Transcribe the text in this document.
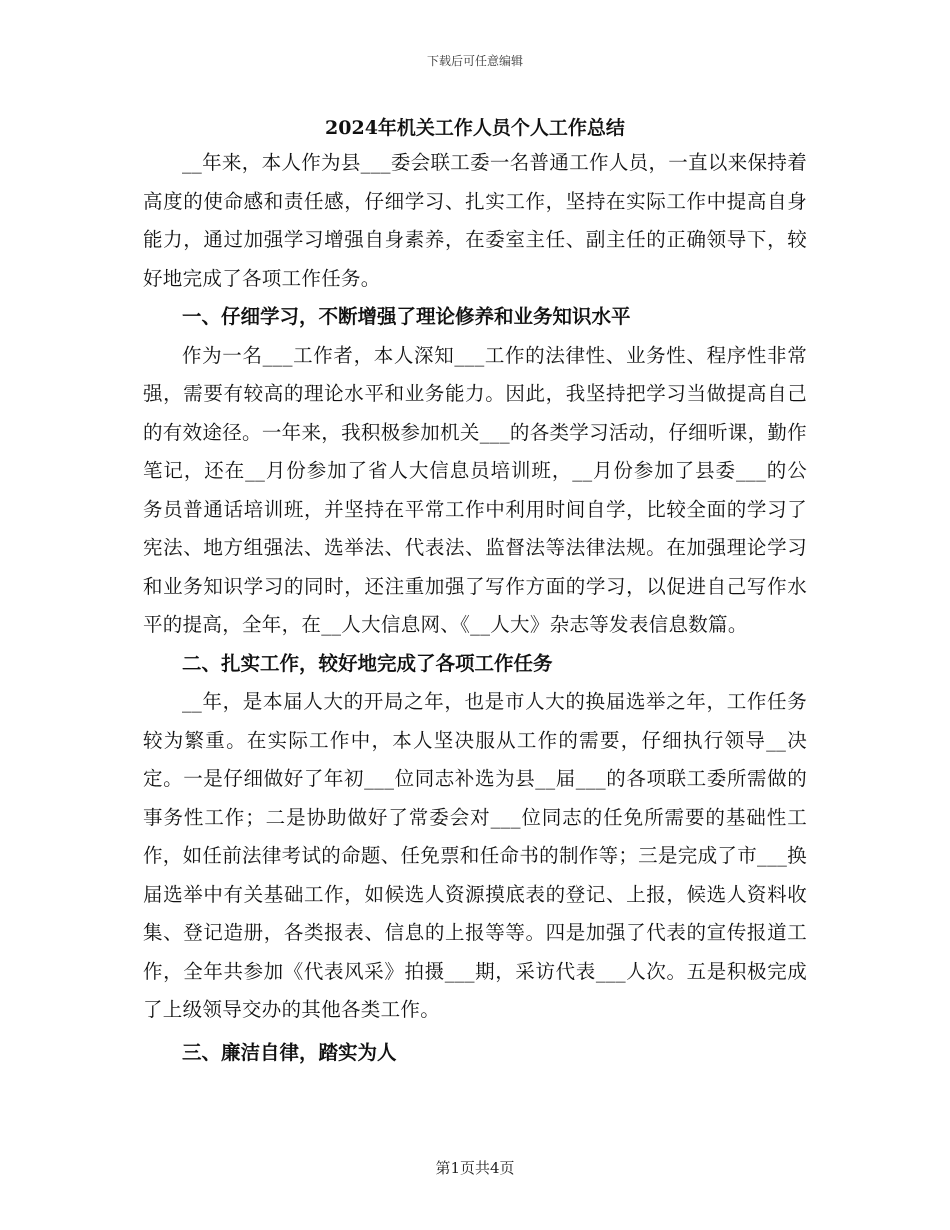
下载后可任意编辑
2024年机关工作人员个人工作总结

__年来，本人作为县___委会联工委一名普通工作人员，一直以来保持着高度的使命感和责任感，仔细学习、扎实工作，坚持在实际工作中提高自身能力，通过加强学习增强自身素养，在委室主任、副主任的正确领导下，较好地完成了各项工作任务。

一、仔细学习，不断增强了理论修养和业务知识水平

作为一名___工作者，本人深知___工作的法律性、业务性、程序性非常强，需要有较高的理论水平和业务能力。因此，我坚持把学习当做提高自己的有效途径。一年来，我积极参加机关___的各类学习活动，仔细听课，勤作笔记，还在__月份参加了省人大信息员培训班，__月份参加了县委___的公务员普通话培训班，并坚持在平常工作中利用时间自学，比较全面的学习了宪法、地方组强法、选举法、代表法、监督法等法律法规。在加强理论学习和业务知识学习的同时，还注重加强了写作方面的学习，以促进自己写作水平的提高，全年，在__人大信息网、《__人大》杂志等发表信息数篇。

二、扎实工作，较好地完成了各项工作任务

__年，是本届人大的开局之年，也是市人大的换届选举之年，工作任务较为繁重。在实际工作中，本人坚决服从工作的需要，仔细执行领导__决定。一是仔细做好了年初___位同志补选为县__届___的各项联工委所需做的事务性工作；二是协助做好了常委会对___位同志的任免所需要的基础性工作，如任前法律考试的命题、任免票和任命书的制作等；三是完成了市___换届选举中有关基础工作，如候选人资源摸底表的登记、上报，候选人资料收集、登记造册，各类报表、信息的上报等等。四是加强了代表的宣传报道工作，全年共参加《代表风采》拍摄___期，采访代表___人次。五是积极完成了上级领导交办的其他各类工作。

三、廉洁自律，踏实为人

第1页共4页
